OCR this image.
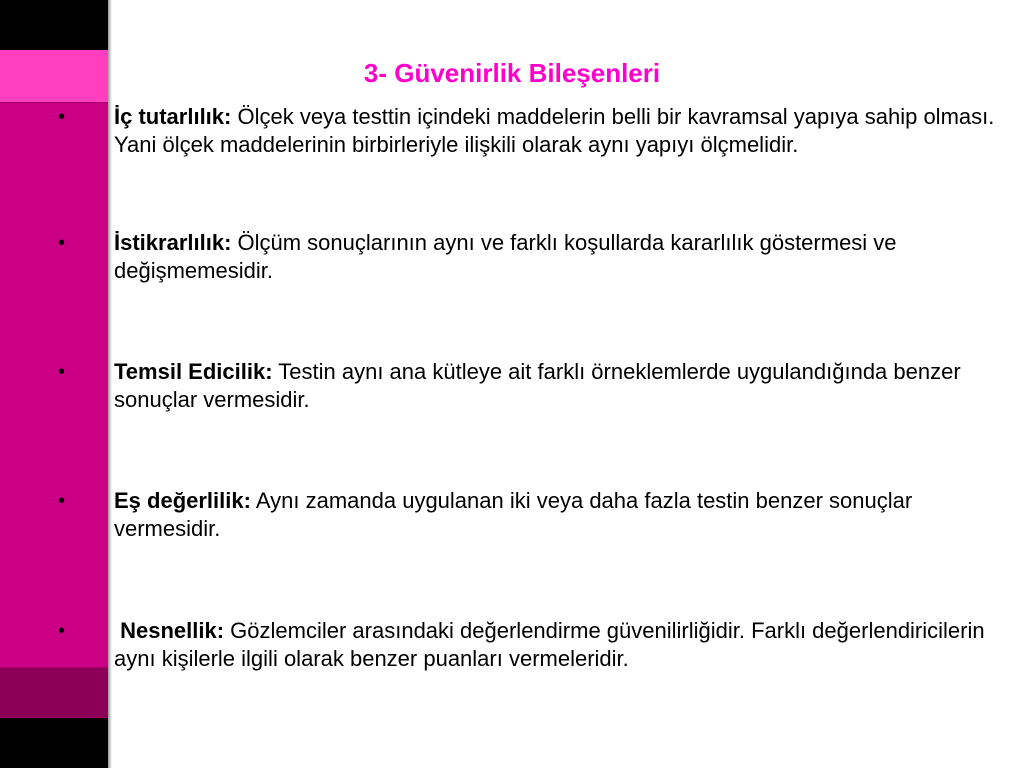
3- Güvenirlik Bileşenleri
•	İç tutarlılık: Ölçek veya testtin içindeki maddelerin belli bir kavramsal yapıya sahip olması. Yani ölçek maddelerinin birbirleriyle ilişkili olarak aynı yapıyı ölçmelidir.
•	İstikrarlılık: Ölçüm sonuçlarının aynı ve farklı koşullarda kararlılık göstermesi ve değişmemesidir.
•	Temsil Edicilik: Testin aynı ana kütleye ait farklı örneklemlerde uygulandığında benzer sonuçlar vermesidir.
•	Eş değerlilik: Aynı zamanda uygulanan iki veya daha fazla testin benzer sonuçlar vermesidir.
•	Nesnellik: Gözlemciler arasındaki değerlendirme güvenilirliğidir. Farklı değerlendiricilerin aynı kişilerle ilgili olarak benzer puanları vermeleridir.
